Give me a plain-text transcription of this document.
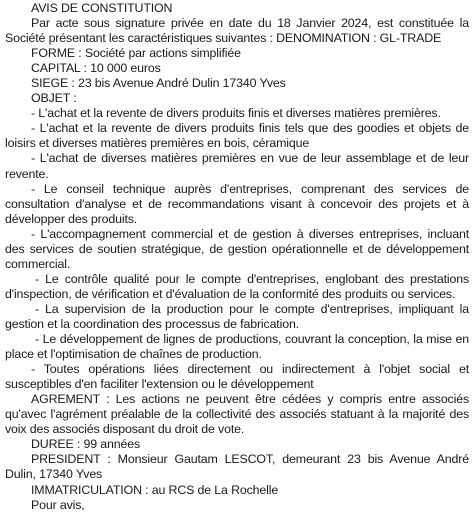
AVIS DE CONSTITUTION

Par acte sous signature privée en date du 18 Janvier 2024, est constituée la Société présentant les caractéristiques suivantes : DENOMINATION : GL-TRADE

FORME : Société par actions simplifiée

CAPITAL : 10 000 euros

SIEGE : 23 bis Avenue André Dulin 17340 Yves

OBJET :

- L'achat et la revente de divers produits finis et diverses matières premières.

- L'achat et la revente de divers produits finis tels que des goodies et objets de loisirs et diverses matières premières en bois, céramique

- L'achat de diverses matières premières en vue de leur assemblage et de leur revente.

- Le conseil technique auprès d'entreprises, comprenant des services de consultation d'analyse et de recommandations visant à concevoir des projets et à développer des produits.

- L'accompagnement commercial et de gestion à diverses entreprises, incluant des services de soutien stratégique, de gestion opérationnelle et de développement commercial.

- Le contrôle qualité pour le compte d'entreprises, englobant des prestations d'inspection, de vérification et d'évaluation de la conformité des produits ou services.

- La supervision de la production pour le compte d'entreprises, impliquant la gestion et la coordination des processus de fabrication.

- Le développement de lignes de productions, couvrant la conception, la mise en place et l'optimisation de chaînes de production.

- Toutes opérations liées directement ou indirectement à l'objet social et susceptibles d'en faciliter l'extension ou le développement

AGREMENT : Les actions ne peuvent être cédées y compris entre associés qu'avec l'agrément préalable de la collectivité des associés statuant à la majorité des voix des associés disposant du droit de vote.

DUREE : 99 années

PRESIDENT : Monsieur Gautam LESCOT, demeurant 23 bis Avenue André Dulin, 17340 Yves

IMMATRICULATION : au RCS de La Rochelle

Pour avis,
